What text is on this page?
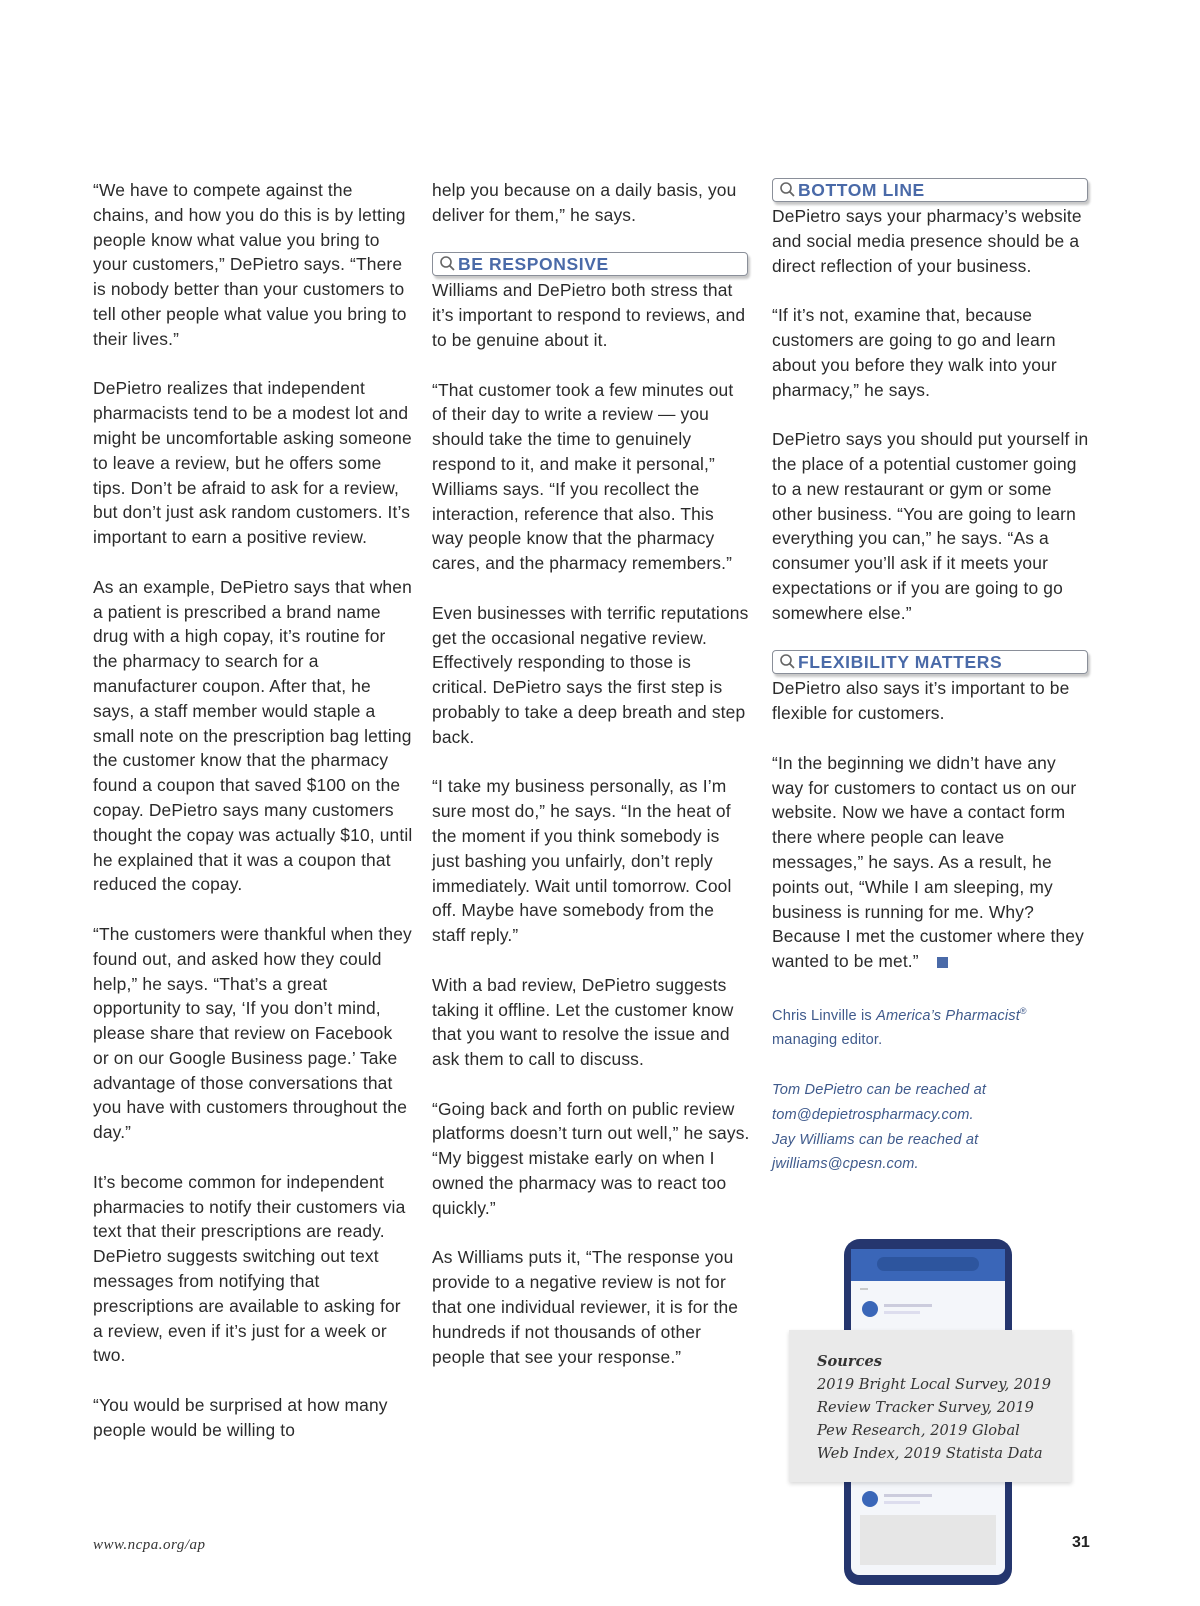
“We have to compete against the chains, and how you do this is by letting people know what value you bring to your customers,” DePietro says. “There is nobody better than your customers to tell other people what value you bring to their lives.”

DePietro realizes that independent pharmacists tend to be a modest lot and might be uncomfortable asking someone to leave a review, but he offers some tips. Don’t be afraid to ask for a review, but don’t just ask random customers. It’s important to earn a positive review.

As an example, DePietro says that when a patient is prescribed a brand name drug with a high copay, it’s routine for the pharmacy to search for a manufacturer coupon. After that, he says, a staff member would staple a small note on the prescription bag letting the customer know that the pharmacy found a coupon that saved $100 on the copay. DePietro says many customers thought the copay was actually $10, until he explained that it was a coupon that reduced the copay.

“The customers were thankful when they found out, and asked how they could help,” he says. “That’s a great opportunity to say, ‘If you don’t mind, please share that review on Facebook or on our Google Business page.’ Take advantage of those conversations that you have with customers throughout the day.”

It’s become common for independent pharmacies to notify their customers via text that their prescriptions are ready. DePietro suggests switching out text messages from notifying that prescriptions are available to asking for a review, even if it’s just for a week or two.

“You would be surprised at how many people would be willing to

help you because on a daily basis, you deliver for them,” he says.

BE RESPONSIVE

Williams and DePietro both stress that it’s important to respond to reviews, and to be genuine about it.

“That customer took a few minutes out of their day to write a review — you should take the time to genuinely respond to it, and make it personal,” Williams says. “If you recollect the interaction, reference that also. This way people know that the pharmacy cares, and the pharmacy remembers.”

Even businesses with terrific reputations get the occasional negative review. Effectively responding to those is critical. DePietro says the first step is probably to take a deep breath and step back.

“I take my business personally, as I’m sure most do,” he says. “In the heat of the moment if you think somebody is just bashing you unfairly, don’t reply immediately. Wait until tomorrow. Cool off. Maybe have somebody from the staff reply.”

With a bad review, DePietro suggests taking it offline. Let the customer know that you want to resolve the issue and ask them to call to discuss.

“Going back and forth on public review platforms doesn’t turn out well,” he says. “My biggest mistake early on when I owned the pharmacy was to react too quickly.”

As Williams puts it, “The response you provide to a negative review is not for that one individual reviewer, it is for the hundreds if not thousands of other people that see your response.”

BOTTOM LINE

DePietro says your pharmacy’s website and social media presence should be a direct reflection of your business.

“If it’s not, examine that, because customers are going to go and learn about you before they walk into your pharmacy,” he says.

DePietro says you should put yourself in the place of a potential customer going to a new restaurant or gym or some other business. “You are going to learn everything you can,” he says. “As a consumer you’ll ask if it meets your expectations or if you are going to go somewhere else.”

FLEXIBILITY MATTERS

DePietro also says it’s important to be flexible for customers.

“In the beginning we didn’t have any way for customers to contact us on our website. Now we have a contact form there where people can leave messages,” he says. As a result, he points out, “While I am sleeping, my business is running for me. Why? Because I met the customer where they wanted to be met.”

Chris Linville is America’s Pharmacist® managing editor.

Tom DePietro can be reached at
tom@depietrospharmacy.com.
Jay Williams can be reached at
jwilliams@cpesn.com.
Sources
2019 Bright Local Survey, 2019 Review Tracker Survey, 2019 Pew Research, 2019 Global Web Index, 2019 Statista Data
www.ncpa.org/ap	31
